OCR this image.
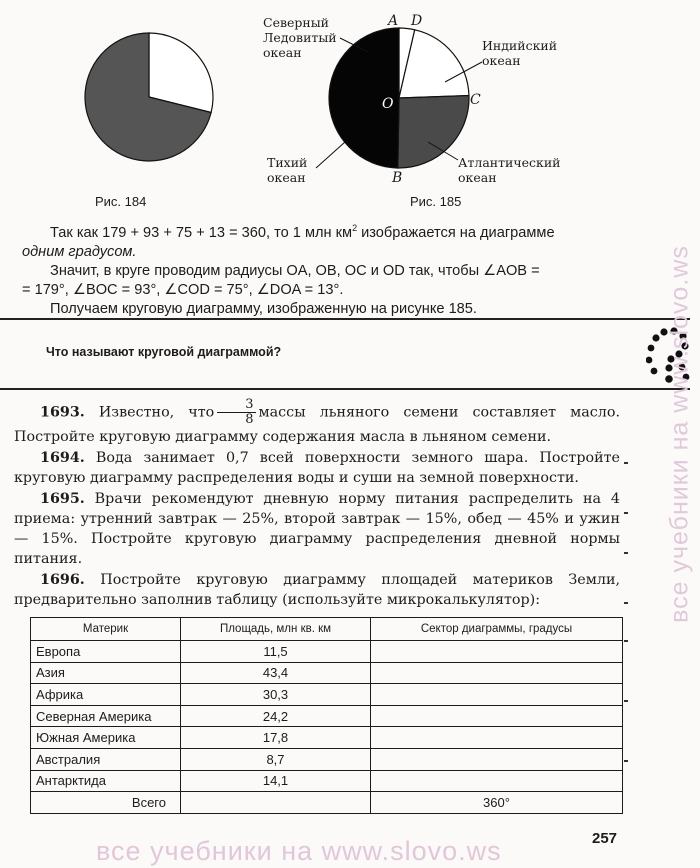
Рис. 184	Рис. 185
Северный
Ледовитый
океан	Индийский
океан
Тихий
океан
Атлантический
океан
A D
C
B
O

Так как 179 + 93 + 75 + 13 = 360, то 1 млн $км^2$ изображается на диаграмме

одним градусом.

Значит, в круге проводим радиусы OA, OB, OC и OD так, чтобы ∠AOB =

= 179°, ∠BOC = 93°, ∠COD = 75°, ∠DOA = 13°.

Получаем круговую диаграмму, изображенную на рисунке 185.

Что называют круговой диаграммой?

1693. Известно, что $\frac{3}{8}$ массы льняного семени составляет масло. Постройте круговую диаграмму содержания масла в льняном семени.

1694. Вода занимает 0,7 всей поверхности земного шара. Постройте круговую диаграмму распределения воды и суши на земной поверхности.

1695. Врачи рекомендуют дневную норму питания распределить на 4 приема: утренний завтрак — 25%, второй завтрак — 15%, обед — 45% и ужин — 15%. Постройте круговую диаграмму распределения дневной нормы питания.

1696. Постройте круговую диаграмму площадей материков Земли, предварительно заполнив таблицу (используйте микрокалькулятор):

Материк	Площадь, млн кв. км	Сектор диаграммы, градусы
Европа	11,5	
Азия	43,4	
Африка	30,3	
Северная Америка	24,2	
Южная Америка	17,8	
Австралия	8,7	
Антарктида	14,1	
Всего		360°
все учебники на www.slovo.ws
все учебники на www.slovo.ws	257
